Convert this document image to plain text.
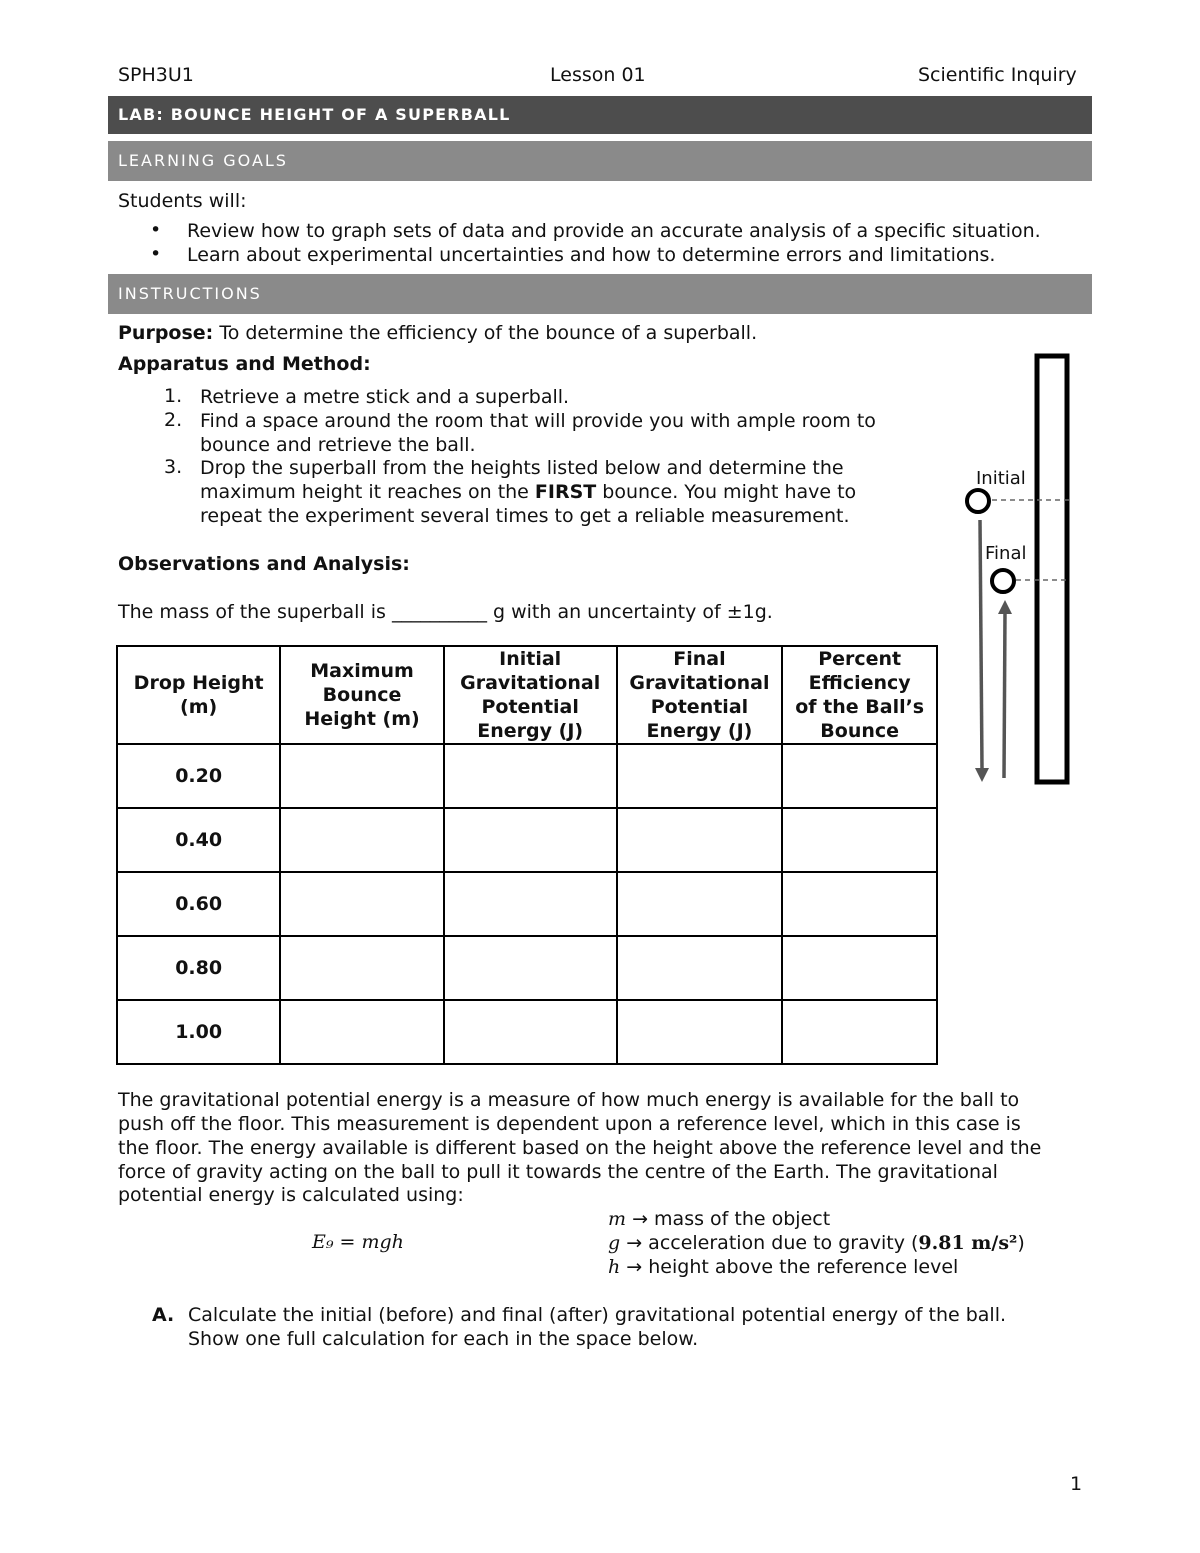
SPH3U1	Lesson 01	Scientific Inquiry
LAB: BOUNCE HEIGHT OF A SUPERBALL
LEARNING GOALS
Students will:
• Review how to graph sets of data and provide an accurate analysis of a specific situation.
• Learn about experimental uncertainties and how to determine errors and limitations.
INSTRUCTIONS
Purpose: To determine the efficiency of the bounce of a superball.
Apparatus and Method:
1. Retrieve a metre stick and a superball.
2. Find a space around the room that will provide you with ample room to
bounce and retrieve the ball.
3. Drop the superball from the heights listed below and determine the
maximum height it reaches on the FIRST bounce. You might have to
repeat the experiment several times to get a reliable measurement.
Initial
Final
Observations and Analysis:
The mass of the superball is __________ g with an uncertainty of ±1g.
Drop Height
(m)	Maximum
Bounce
Height (m)	Initial
Gravitational
Potential
Energy (J)	Final
Gravitational
Potential
Energy (J)	Percent
Efficiency
of the Ball’s
Bounce
0.20				
0.40				
0.60				
0.80				
1.00				
The gravitational potential energy is a measure of how much energy is available for the ball to
push off the floor. This measurement is dependent upon a reference level, which in this case is
the floor. The energy available is different based on the height above the reference level and the
force of gravity acting on the ball to pull it towards the centre of the Earth. The gravitational
potential energy is calculated using:
E₉ = mgh
m → mass of the object
g → acceleration due to gravity (9.81 m/s²)
h → height above the reference level
A. Calculate the initial (before) and final (after) gravitational potential energy of the ball.
Show one full calculation for each in the space below.
1
